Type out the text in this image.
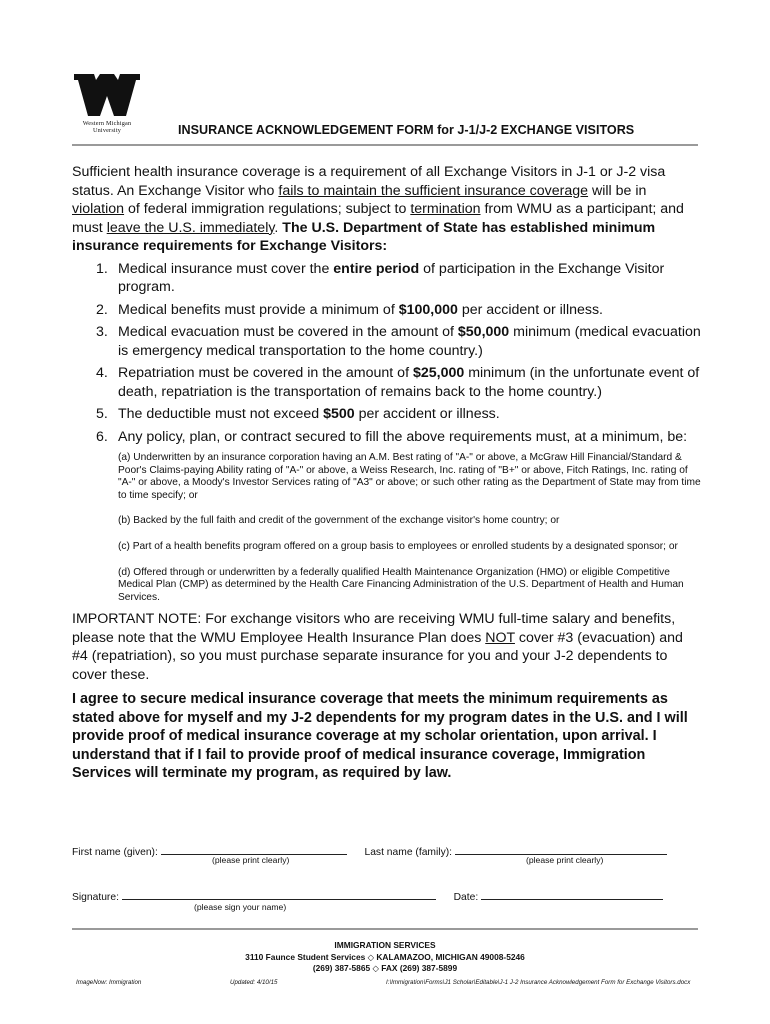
Western Michigan
University	INSURANCE ACKNOWLEDGEMENT FORM for J-1/J-2 EXCHANGE VISITORS

Sufficient health insurance coverage is a requirement of all Exchange Visitors in J-1 or J-2 visa status. An Exchange Visitor who fails to maintain the sufficient insurance coverage will be in violation of federal immigration regulations; subject to termination from WMU as a participant; and must leave the U.S. immediately. The U.S. Department of State has established minimum insurance requirements for Exchange Visitors:

1. Medical insurance must cover the entire period of participation in the Exchange Visitor program.
2. Medical benefits must provide a minimum of $100,000 per accident or illness.
3. Medical evacuation must be covered in the amount of $50,000 minimum (medical evacuation is emergency medical transportation to the home country.)
4. Repatriation must be covered in the amount of $25,000 minimum (in the unfortunate event of death, repatriation is the transportation of remains back to the home country.)
5. The deductible must not exceed $500 per accident or illness.
6. Any policy, plan, or contract secured to fill the above requirements must, at a minimum, be:

(a) Underwritten by an insurance corporation having an A.M. Best rating of "A-" or above, a McGraw Hill Financial/Standard & Poor's Claims-paying Ability rating of "A-" or above, a Weiss Research, Inc. rating of "B+" or above, Fitch Ratings, Inc. rating of "A-" or above, a Moody's Investor Services rating of "A3" or above; or such other rating as the Department of State may from time to time specify; or

(b) Backed by the full faith and credit of the government of the exchange visitor's home country; or

(c) Part of a health benefits program offered on a group basis to employees or enrolled students by a designated sponsor; or

(d) Offered through or underwritten by a federally qualified Health Maintenance Organization (HMO) or eligible Competitive Medical Plan (CMP) as determined by the Health Care Financing Administration of the U.S. Department of Health and Human Services.

IMPORTANT NOTE: For exchange visitors who are receiving WMU full-time salary and benefits, please note that the WMU Employee Health Insurance Plan does NOT cover #3 (evacuation) and #4 (repatriation), so you must purchase separate insurance for you and your J-2 dependents to cover these.

I agree to secure medical insurance coverage that meets the minimum requirements as stated above for myself and my J-2 dependents for my program dates in the U.S. and I will provide proof of medical insurance coverage at my scholar orientation, upon arrival. I understand that if I fail to provide proof of medical insurance coverage, Immigration Services will terminate my program, as required by law.

First name (given):	Last name (family):
(please print clearly)	(please print clearly)
Signature:	Date:
(please sign your name)
IMMIGRATION SERVICES
3110 Faunce Student Services ◇ KALAMAZOO, MICHIGAN 49008-5246
(269) 387-5865 ◇ FAX (269) 387-5899
ImageNow: Immigration	Updated: 4/10/15	I:\Immigration\Forms\J1 Scholar\Editable\J-1 J-2 Insurance Acknowledgement Form for Exchange Visitors.docx
